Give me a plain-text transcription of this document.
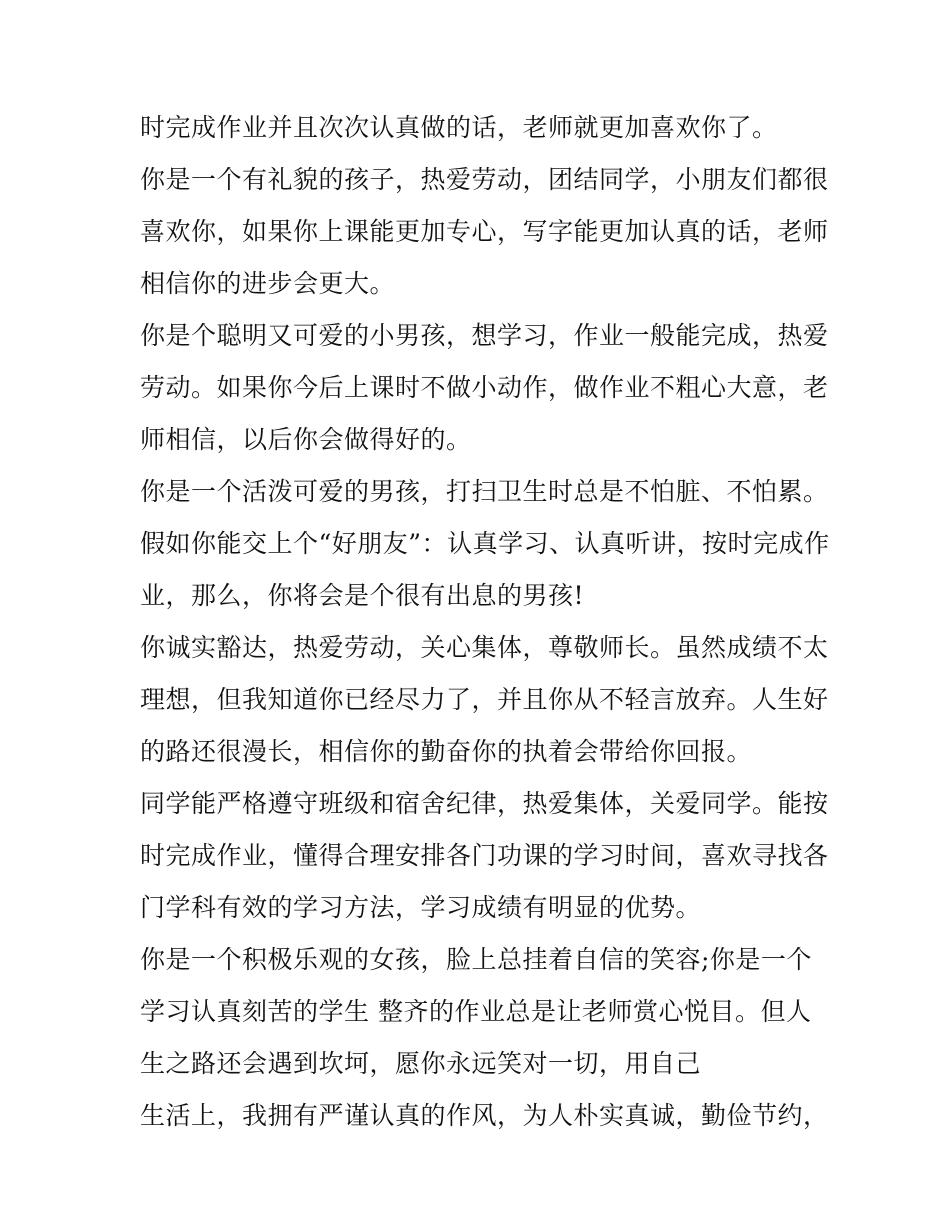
时完成作业并且次次认真做的话，老师就更加喜欢你了。
你是一个有礼貌的孩子，热爱劳动，团结同学，小朋友们都很
喜欢你，如果你上课能更加专心，写字能更加认真的话，老师
相信你的进步会更大。
你是个聪明又可爱的小男孩，想学习，作业一般能完成，热爱
劳动。如果你今后上课时不做小动作，做作业不粗心大意，老
师相信，以后你会做得好的。
你是一个活泼可爱的男孩，打扫卫生时总是不怕脏、不怕累。
假如你能交上个“好朋友”：认真学习、认真听讲，按时完成作
业，那么，你将会是个很有出息的男孩!
你诚实豁达，热爱劳动，关心集体，尊敬师长。虽然成绩不太
理想，但我知道你已经尽力了，并且你从不轻言放弃。人生好
的路还很漫长，相信你的勤奋你的执着会带给你回报。
同学能严格遵守班级和宿舍纪律，热爱集体，关爱同学。能按
时完成作业，懂得合理安排各门功课的学习时间，喜欢寻找各
门学科有效的学习方法，学习成绩有明显的优势。
你是一个积极乐观的女孩，脸上总挂着自信的笑容;你是一个
学习认真刻苦的学生 整齐的作业总是让老师赏心悦目。但人
生之路还会遇到坎坷，愿你永远笑对一切，用自己
生活上，我拥有严谨认真的作风，为人朴实真诚，勤俭节约，
